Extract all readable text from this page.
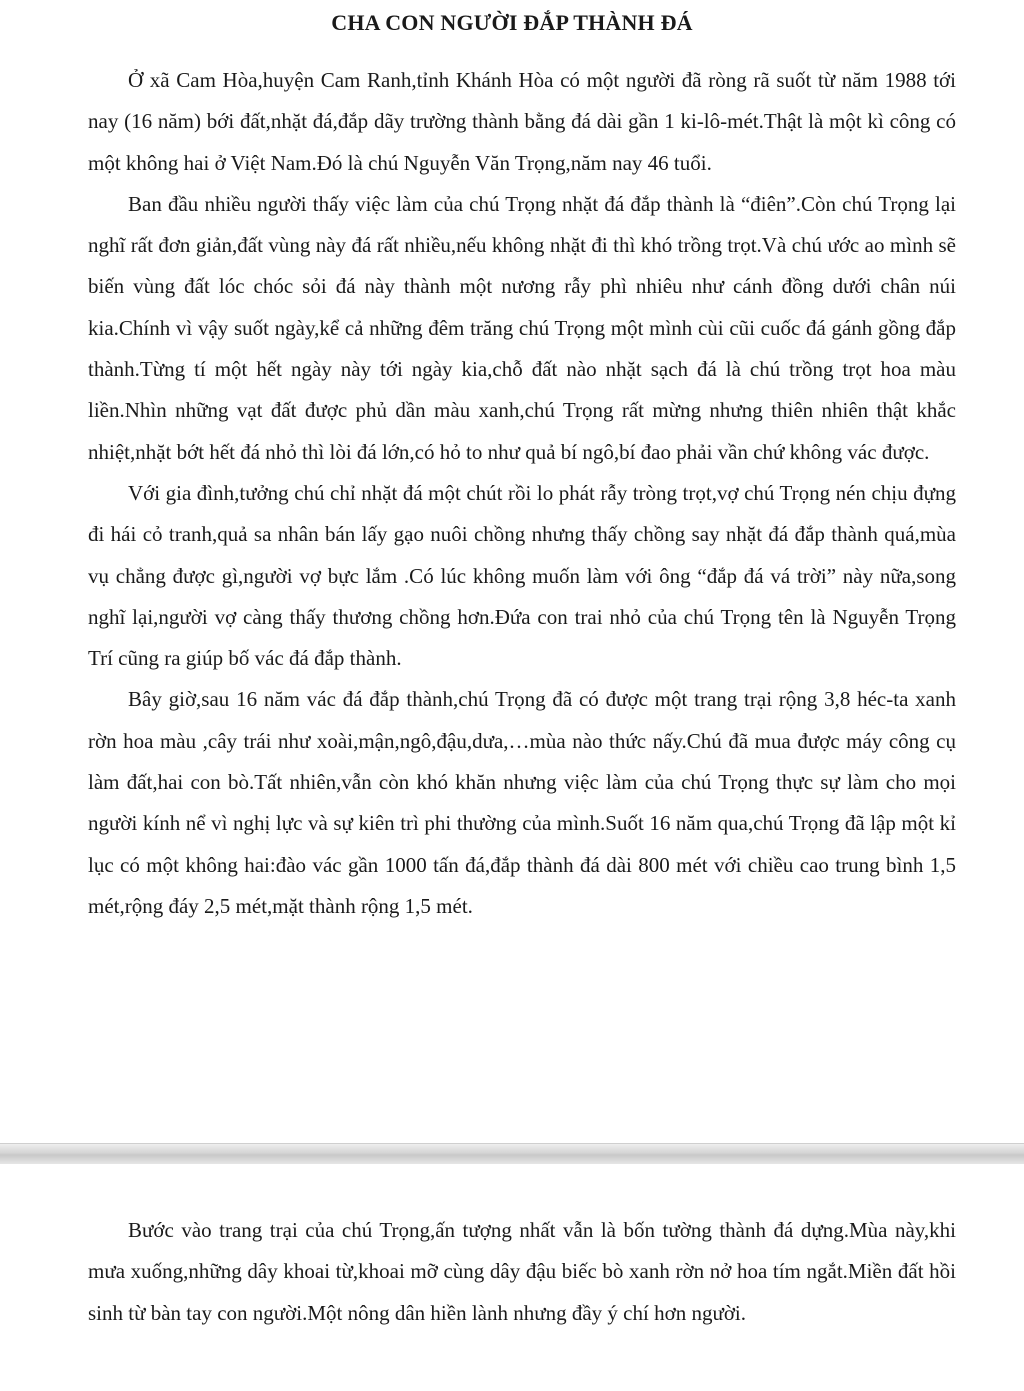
CHA CON NGƯỜI ĐẮP THÀNH ĐÁ

Ở xã Cam Hòa,huyện Cam Ranh,tỉnh Khánh Hòa có một người đã ròng rã suốt từ năm 1988 tới nay (16 năm) bới đất,nhặt đá,đắp dãy trường thành bằng đá dài gần 1 ki-lô-mét.Thật là một kì công có một không hai ở Việt Nam.Đó là chú Nguyễn Văn Trọng,năm nay 46 tuổi.

Ban đầu nhiều người thấy việc làm của chú Trọng nhặt đá đắp thành là “điên”.Còn chú Trọng lại nghĩ rất đơn giản,đất vùng này đá rất nhiều,nếu không nhặt đi thì khó trồng trọt.Và chú ước ao mình sẽ biến vùng đất lóc chóc sỏi đá này thành một nương rẫy phì nhiêu như cánh đồng dưới chân núi kia.Chính vì vậy suốt ngày,kể cả những đêm trăng chú Trọng một mình cùi cũi cuốc đá gánh gồng đắp thành.Từng tí một hết ngày này tới ngày kia,chỗ đất nào nhặt sạch đá là chú trồng trọt hoa màu liền.Nhìn những vạt đất được phủ dần màu xanh,chú Trọng rất mừng nhưng thiên nhiên thật khắc nhiệt,nhặt bớt hết đá nhỏ thì lòi đá lớn,có hỏ to như quả bí ngô,bí đao phải vần chứ không vác được.

Với gia đình,tưởng chú chỉ nhặt đá một chút rồi lo phát rẫy tròng trọt,vợ chú Trọng nén chịu đựng đi hái cỏ tranh,quả sa nhân bán lấy gạo nuôi chồng nhưng thấy chồng say nhặt đá đắp thành quá,mùa vụ chẳng được gì,người vợ bực lắm .Có lúc không muốn làm với ông “đắp đá vá trời” này nữa,song nghĩ lại,người vợ càng thấy thương chồng hơn.Đứa con trai nhỏ của chú Trọng tên là Nguyễn Trọng Trí cũng ra giúp bố vác đá đắp thành.

Bây giờ,sau 16 năm vác đá đắp thành,chú Trọng đã có được một trang trại rộng 3,8 héc-ta xanh rờn hoa màu ,cây trái như xoài,mận,ngô,đậu,dưa,…mùa nào thức nấy.Chú đã mua được máy công cụ làm đất,hai con bò.Tất nhiên,vẫn còn khó khăn nhưng việc làm của chú Trọng thực sự làm cho mọi người kính nể vì nghị lực và sự kiên trì phi thường của mình.Suốt 16 năm qua,chú Trọng đã lập một kỉ lục có một không hai:đào vác gần 1000 tấn đá,đắp thành đá dài 800 mét với chiều cao trung bình 1,5 mét,rộng đáy 2,5 mét,mặt thành rộng 1,5 mét.

Bước vào trang trại của chú Trọng,ấn tượng nhất vẫn là bốn tường thành đá dựng.Mùa này,khi mưa xuống,những dây khoai từ,khoai mỡ cùng dây đậu biếc bò xanh rờn nở hoa tím ngắt.Miền đất hồi sinh từ bàn tay con người.Một nông dân hiền lành nhưng đầy ý chí hơn người.
